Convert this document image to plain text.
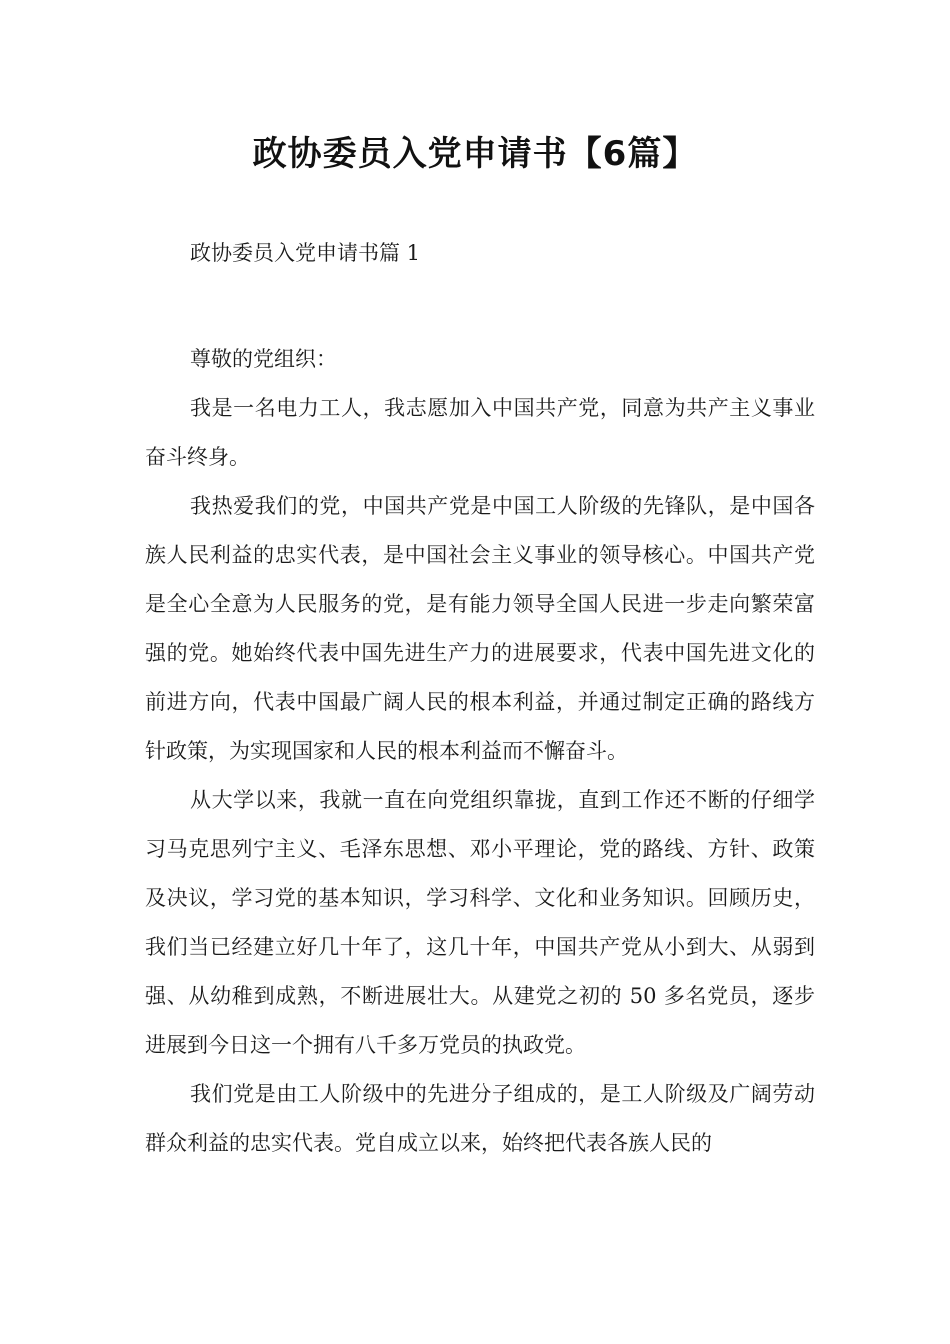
政协委员入党申请书【6篇】
政协委员入党申请书篇 1

尊敬的党组织：

我是一名电力工人，我志愿加入中国共产党，同意为共产主义事业奋斗终身。

我热爱我们的党，中国共产党是中国工人阶级的先锋队，是中国各族人民利益的忠实代表，是中国社会主义事业的领导核心。中国共产党是全心全意为人民服务的党，是有能力领导全国人民进一步走向繁荣富强的党。她始终代表中国先进生产力的进展要求，代表中国先进文化的前进方向，代表中国最广阔人民的根本利益，并通过制定正确的路线方针政策，为实现国家和人民的根本利益而不懈奋斗。

从大学以来，我就一直在向党组织靠拢，直到工作还不断的仔细学习马克思列宁主义、毛泽东思想、邓小平理论，党的路线、方针、政策及决议，学习党的基本知识，学习科学、文化和业务知识。回顾历史，我们当已经建立好几十年了，这几十年，中国共产党从小到大、从弱到强、从幼稚到成熟，不断进展壮大。从建党之初的 50 多名党员，逐步进展到今日这一个拥有八千多万党员的执政党。

我们党是由工人阶级中的先进分子组成的，是工人阶级及广阔劳动群众利益的忠实代表。党自成立以来，始终把代表各族人民的
